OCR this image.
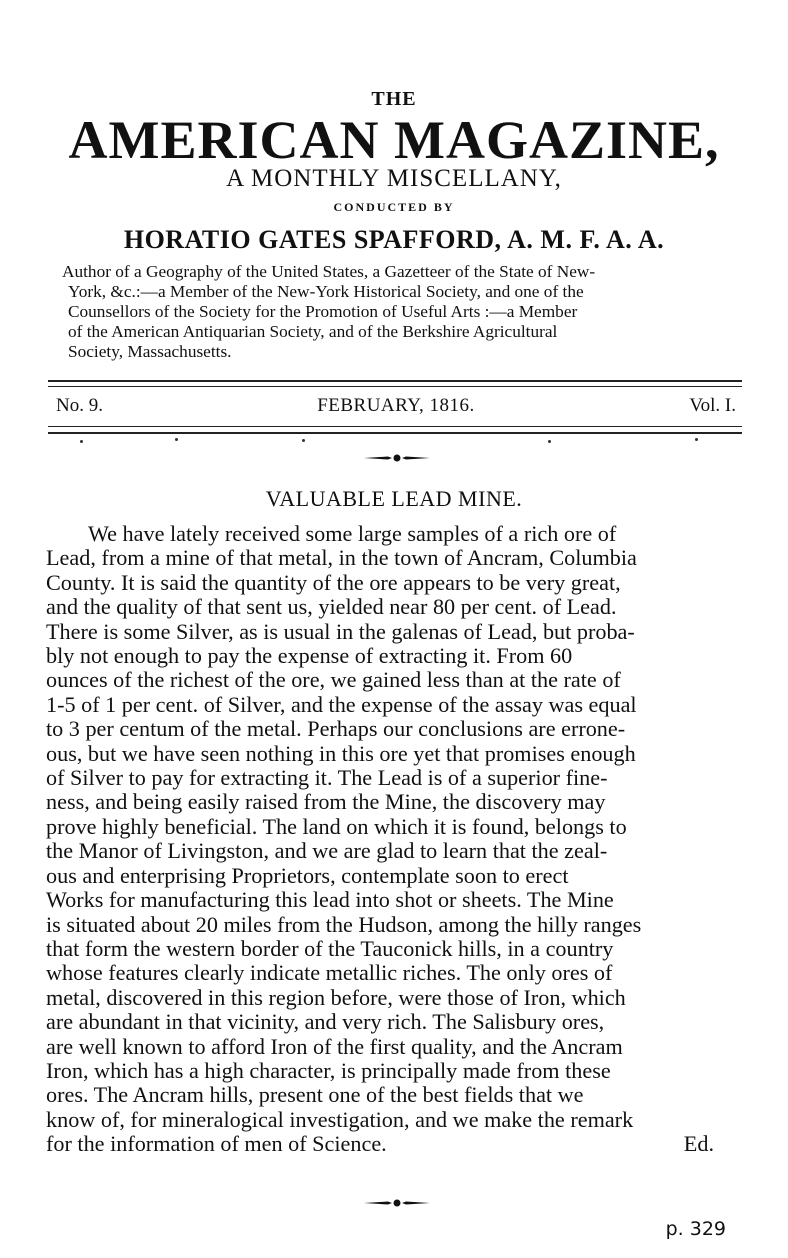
THE
AMERICAN MAGAZINE,
A MONTHLY MISCELLANY,
CONDUCTED BY
HORATIO GATES SPAFFORD, A. M. F. A. A.
Author of a Geography of the United States, a Gazetteer of the State of New-
York, &c.:—a Member of the New-York Historical Society, and one of the
Counsellors of the Society for the Promotion of Useful Arts :—a Member
of the American Antiquarian Society, and of the Berkshire Agricultural
Society, Massachusetts.
No. 9.	FEBRUARY, 1816.	Vol. I.
VALUABLE LEAD MINE.
We have lately received some large samples of a rich ore of
Lead, from a mine of that metal, in the town of Ancram, Columbia
County. It is said the quantity of the ore appears to be very great,
and the quality of that sent us, yielded near 80 per cent. of Lead.
There is some Silver, as is usual in the galenas of Lead, but proba-
bly not enough to pay the expense of extracting it. From 60
ounces of the richest of the ore, we gained less than at the rate of
1-5 of 1 per cent. of Silver, and the expense of the assay was equal
to 3 per centum of the metal. Perhaps our conclusions are errone-
ous, but we have seen nothing in this ore yet that promises enough
of Silver to pay for extracting it. The Lead is of a superior fine-
ness, and being easily raised from the Mine, the discovery may
prove highly beneficial. The land on which it is found, belongs to
the Manor of Livingston, and we are glad to learn that the zeal-
ous and enterprising Proprietors, contemplate soon to erect
Works for manufacturing this lead into shot or sheets. The Mine
is situated about 20 miles from the Hudson, among the hilly ranges
that form the western border of the Tauconick hills, in a country
whose features clearly indicate metallic riches. The only ores of
metal, discovered in this region before, were those of Iron, which
are abundant in that vicinity, and very rich. The Salisbury ores,
are well known to afford Iron of the first quality, and the Ancram
Iron, which has a high character, is principally made from these
ores. The Ancram hills, present one of the best fields that we
know of, for mineralogical investigation, and we make the remark
for the information of men of Science.	Ed.
p. 329
